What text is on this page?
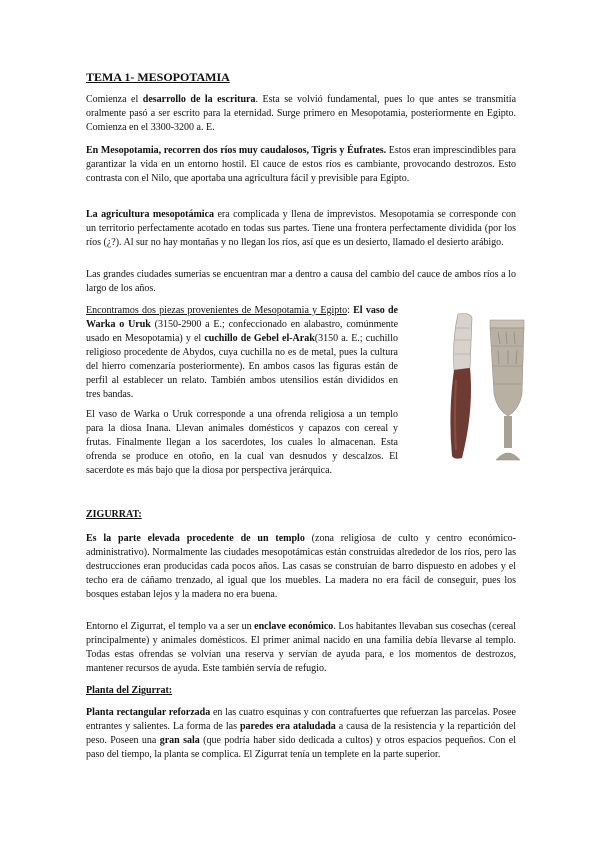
TEMA 1- MESOPOTAMIA

Comienza el desarrollo de la escritura. Esta se volvió fundamental, pues lo que antes se transmitía oralmente pasó a ser escrito para la eternidad. Surge primero en Mesopotamia, posteriormente en Egipto. Comienza en el 3300-3200 a. E.

En Mesopotamia, recorren dos ríos muy caudalosos, Tigris y Éufrates. Estos eran imprescindibles para garantizar la vida en un entorno hostil. El cauce de estos ríos es cambiante, provocando destrozos. Esto contrasta con el Nilo, que aportaba una agricultura fácil y previsible para Egipto.

La agricultura mesopotámica era complicada y llena de imprevistos. Mesopotamia se corresponde con un territorio perfectamente acotado en todas sus partes. Tiene una frontera perfectamente dividida (por los ríos (¿?). Al sur no hay montañas y no llegan los ríos, así que es un desierto, llamado el desierto arábigo.

Las grandes ciudades sumerias se encuentran mar a dentro a causa del cambio del cauce de ambos ríos a lo largo de los años.

Encontramos dos piezas provenientes de Mesopotamia y Egipto: El vaso de Warka o Uruk (3150-2900 a E.; confeccionado en alabastro, comúnmente usado en Mesopotamia) y el cuchillo de Gebel el-Arak(3150 a. E.; cuchillo religioso procedente de Abydos, cuya cuchilla no es de metal, pues la cultura del hierro comenzaría posteriormente). En ambos casos las figuras están de perfil al establecer un relato. También ambos utensilios están divididos en tres bandas.

El vaso de Warka o Uruk corresponde a una ofrenda religiosa a un templo para la diosa Inana. Llevan animales domésticos y capazos con cereal y frutas. Finalmente llegan a los sacerdotes, los cuales lo almacenan. Esta ofrenda se produce en otoño, en la cual van desnudos y descalzos. El sacerdote es más bajo que la diosa por perspectiva jerárquica.

ZIGURRAT:

Es la parte elevada procedente de un templo (zona religiosa de culto y centro económico-administrativo). Normalmente las ciudades mesopotámicas están construidas alrededor de los ríos, pero las destrucciones eran producidas cada pocos años. Las casas se construían de barro dispuesto en adobes y el techo era de cáñamo trenzado, al igual que los muebles. La madera no era fácil de conseguir, pues los bosques estaban lejos y la madera no era buena.

Entorno el Zigurrat, el templo va a ser un enclave económico. Los habitantes llevaban sus cosechas (cereal principalmente) y animales domésticos. El primer animal nacido en una familia debía llevarse al templo. Todas estas ofrendas se volvían una reserva y servían de ayuda para, e los momentos de destrozos, mantener recursos de ayuda. Este también servía de refugio.

Planta del Zigurrat:

Planta rectangular reforzada en las cuatro esquinas y con contrafuertes que refuerzan las parcelas. Posee entrantes y salientes. La forma de las paredes era ataludada a causa de la resistencia y la repartición del peso. Poseen una gran sala (que podría haber sido dedicada a cultos) y otros espacios pequeños. Con el paso del tiempo, la planta se complica. El Zigurrat tenía un templete en la parte superior.
